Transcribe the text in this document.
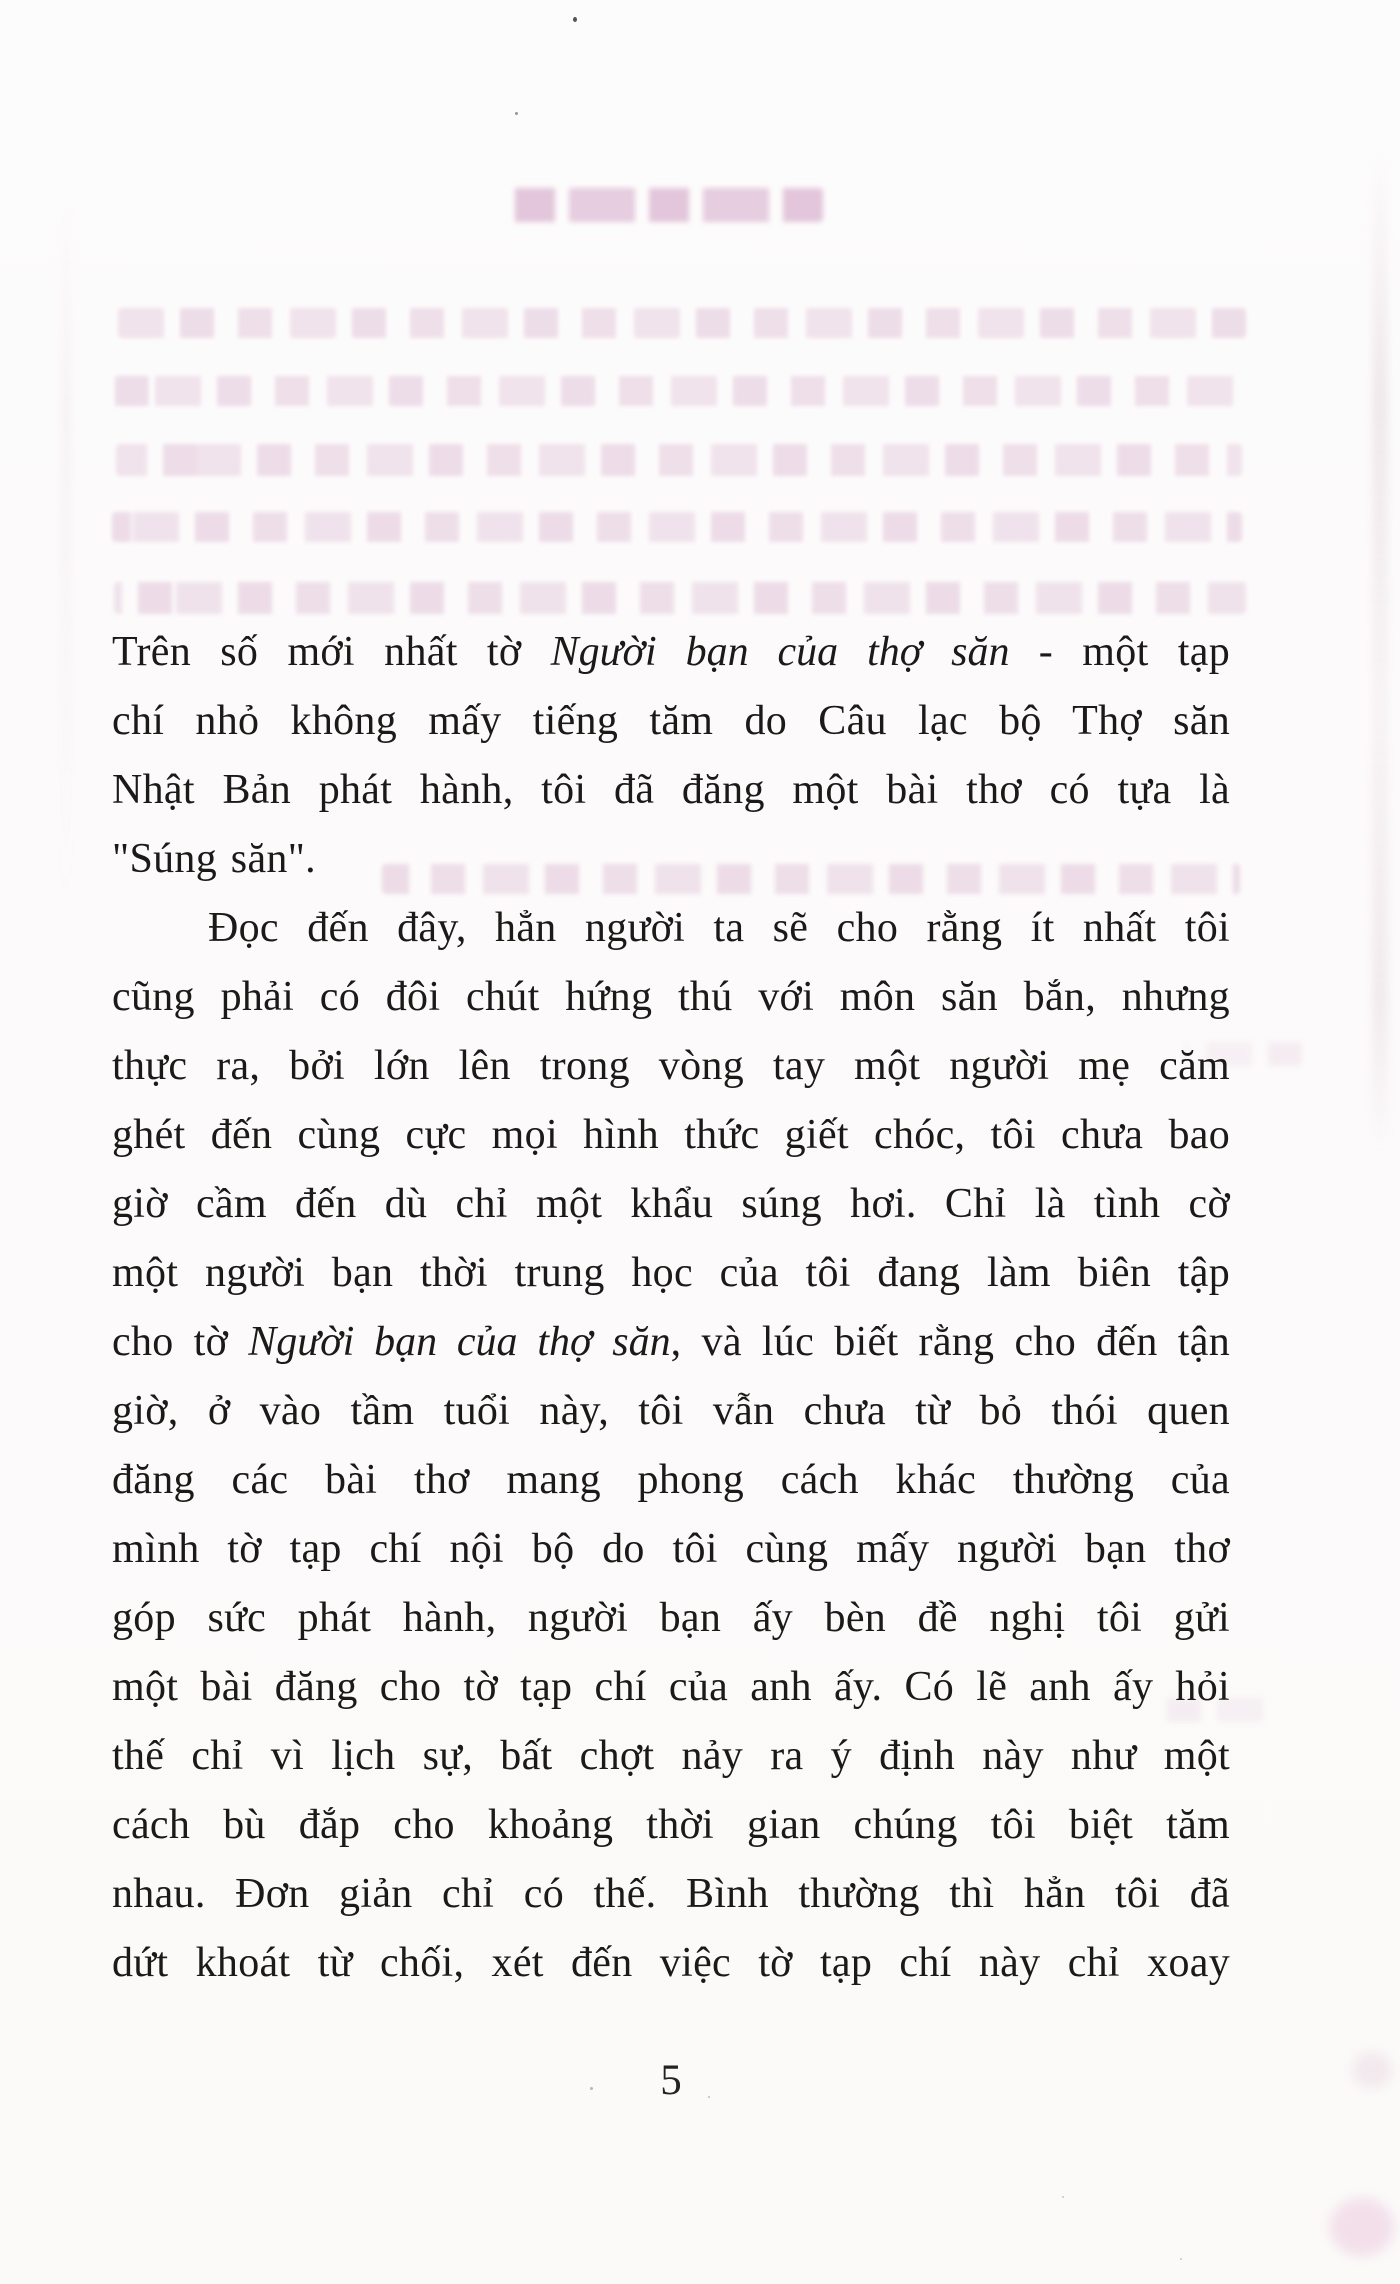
Trên số mới nhất tờ Người bạn của thợ săn - một tạp
chí nhỏ không mấy tiếng tăm do Câu lạc bộ Thợ săn
Nhật Bản phát hành, tôi đã đăng một bài thơ có tựa là
"Súng săn".
Đọc đến đây, hẳn người ta sẽ cho rằng ít nhất tôi
cũng phải có đôi chút hứng thú với môn săn bắn, nhưng
thực ra, bởi lớn lên trong vòng tay một người mẹ căm
ghét đến cùng cực mọi hình thức giết chóc, tôi chưa bao
giờ cầm đến dù chỉ một khẩu súng hơi. Chỉ là tình cờ
một người bạn thời trung học của tôi đang làm biên tập
cho tờ Người bạn của thợ săn, và lúc biết rằng cho đến tận
giờ, ở vào tầm tuổi này, tôi vẫn chưa từ bỏ thói quen
đăng các bài thơ mang phong cách khác thường của
mình tờ tạp chí nội bộ do tôi cùng mấy người bạn thơ
góp sức phát hành, người bạn ấy bèn đề nghị tôi gửi
một bài đăng cho tờ tạp chí của anh ấy. Có lẽ anh ấy hỏi
thế chỉ vì lịch sự, bất chợt nảy ra ý định này như một
cách bù đắp cho khoảng thời gian chúng tôi biệt tăm
nhau. Đơn giản chỉ có thế. Bình thường thì hẳn tôi đã
dứt khoát từ chối, xét đến việc tờ tạp chí này chỉ xoay
5
